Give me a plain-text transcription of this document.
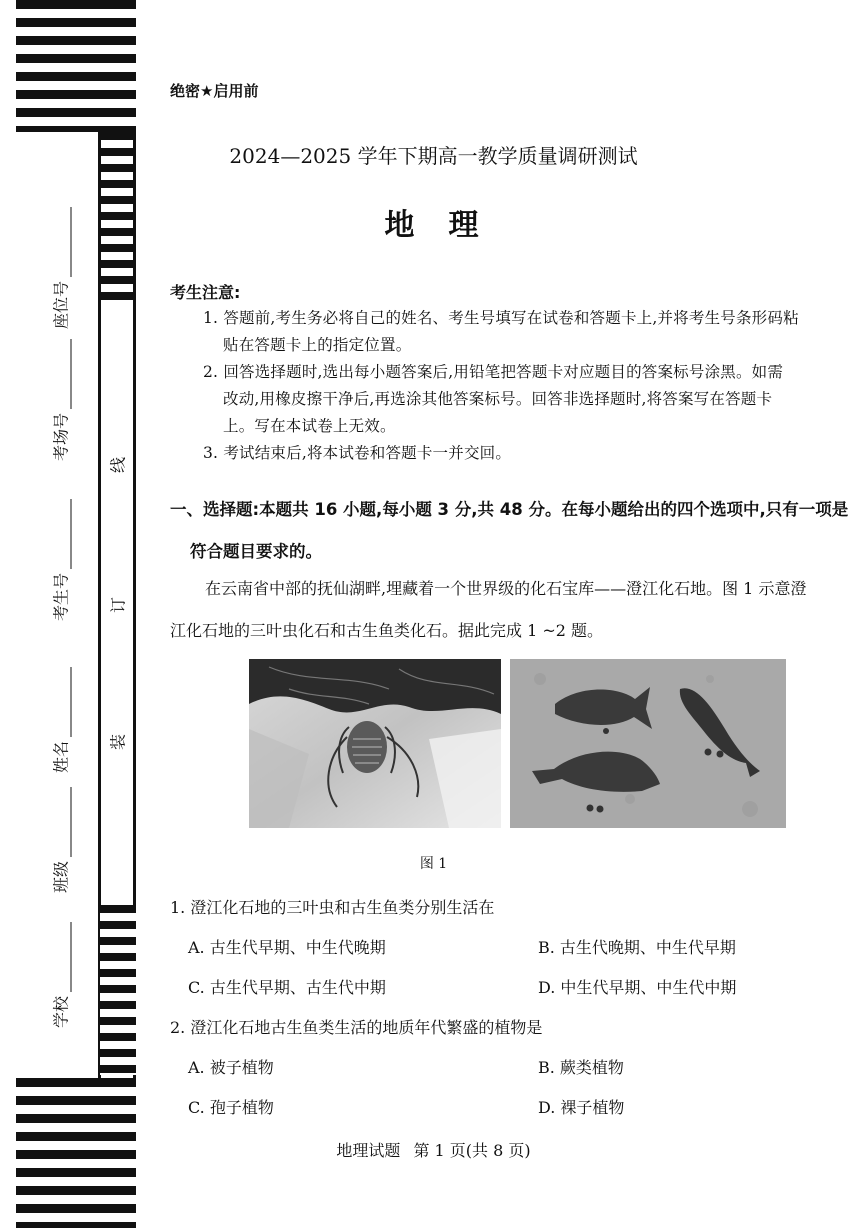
座位号
考场号
考生号
姓名
班级
学校
线
订
装
绝密★启用前
2024—2025 学年下期高一教学质量调研测试
地理
考生注意:
1. 答题前,考生务必将自己的姓名、考生号填写在试卷和答题卡上,并将考生号条形码粘
贴在答题卡上的指定位置。
2. 回答选择题时,选出每小题答案后,用铅笔把答题卡对应题目的答案标号涂黑。如需
改动,用橡皮擦干净后,再选涂其他答案标号。回答非选择题时,将答案写在答题卡
上。写在本试卷上无效。
3. 考试结束后,将本试卷和答题卡一并交回。
一、选择题:本题共 16 小题,每小题 3 分,共 48 分。在每小题给出的四个选项中,只有一项是
符合题目要求的。
在云南省中部的抚仙湖畔,埋藏着一个世界级的化石宝库——澄江化石地。图 1 示意澄
江化石地的三叶虫化石和古生鱼类化石。据此完成 1 ~2 题。
图 1
1. 澄江化石地的三叶虫和古生鱼类分别生活在
A. 古生代早期、中生代晚期	B. 古生代晚期、中生代早期
C. 古生代早期、古生代中期	D. 中生代早期、中生代中期
2. 澄江化石地古生鱼类生活的地质年代繁盛的植物是
A. 被子植物	B. 蕨类植物
C. 孢子植物	D. 裸子植物
地理试题 第 1 页(共 8 页)
